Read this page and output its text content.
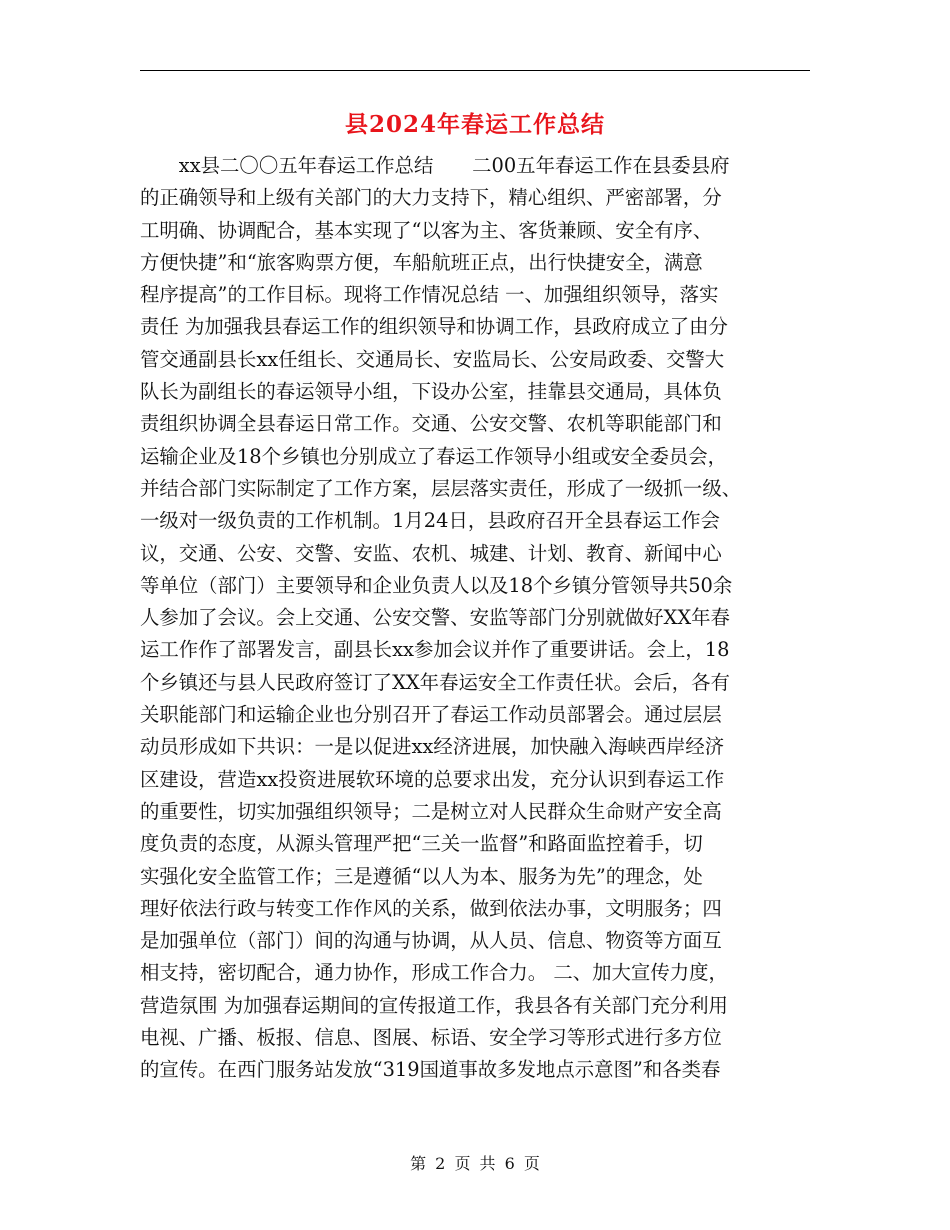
县2024年春运工作总结
　　xx县二〇〇五年春运工作总结　　二00五年春运工作在县委县府
的正确领导和上级有关部门的大力支持下，精心组织、严密部署，分
工明确、协调配合，基本实现了“以客为主、客货兼顾、安全有序、
方便快捷”和“旅客购票方便，车船航班正点，出行快捷安全，满意
程序提高”的工作目标。现将工作情况总结 一、加强组织领导，落实
责任 为加强我县春运工作的组织领导和协调工作，县政府成立了由分
管交通副县长xx任组长、交通局长、安监局长、公安局政委、交警大
队长为副组长的春运领导小组，下设办公室，挂靠县交通局，具体负
责组织协调全县春运日常工作。交通、公安交警、农机等职能部门和
运输企业及18个乡镇也分别成立了春运工作领导小组或安全委员会，
并结合部门实际制定了工作方案，层层落实责任，形成了一级抓一级、
一级对一级负责的工作机制。1月24日，县政府召开全县春运工作会
议，交通、公安、交警、安监、农机、城建、计划、教育、新闻中心
等单位（部门）主要领导和企业负责人以及18个乡镇分管领导共50余
人参加了会议。会上交通、公安交警、安监等部门分别就做好XX年春
运工作作了部署发言，副县长xx参加会议并作了重要讲话。会上，18
个乡镇还与县人民政府签订了XX年春运安全工作责任状。会后，各有
关职能部门和运输企业也分别召开了春运工作动员部署会。通过层层
动员形成如下共识：一是以促进xx经济进展，加快融入海峡西岸经济
区建设，营造xx投资进展软环境的总要求出发，充分认识到春运工作
的重要性，切实加强组织领导；二是树立对人民群众生命财产安全高
度负责的态度，从源头管理严把“三关一监督”和路面监控着手，切
实强化安全监管工作；三是遵循“以人为本、服务为先”的理念，处
理好依法行政与转变工作作风的关系，做到依法办事，文明服务；四
是加强单位（部门）间的沟通与协调，从人员、信息、物资等方面互
相支持，密切配合，通力协作，形成工作合力。 二、加大宣传力度，
营造氛围 为加强春运期间的宣传报道工作，我县各有关部门充分利用
电视、广播、板报、信息、图展、标语、安全学习等形式进行多方位
的宣传。在西门服务站发放“319国道事故多发地点示意图”和各类春
第 2 页 共 6 页
